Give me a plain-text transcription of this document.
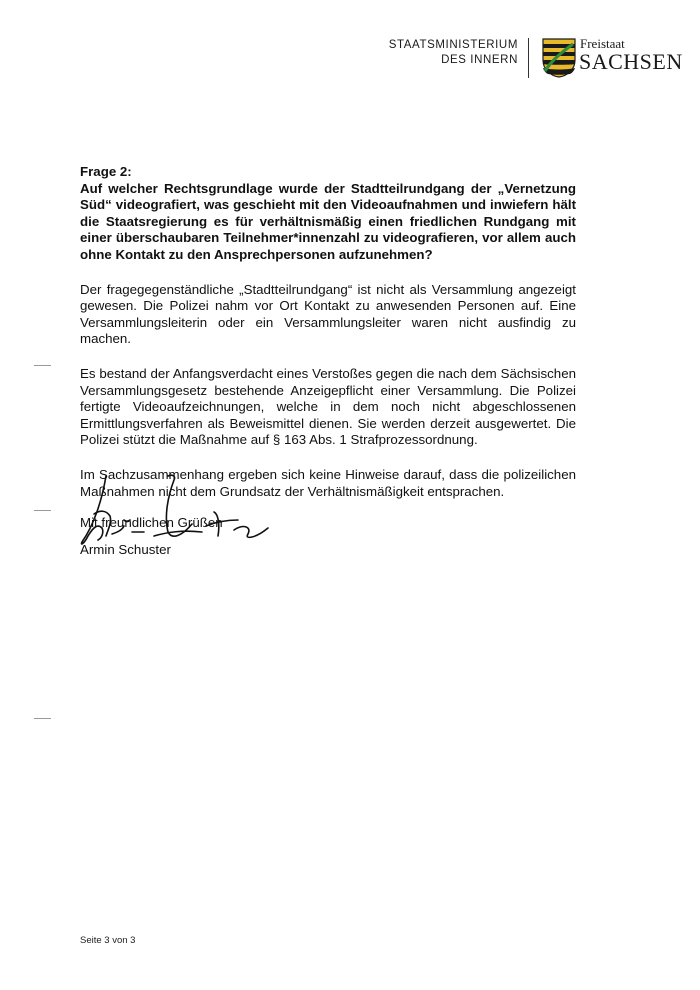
STAATSMINISTERIUM
DES INNERN
Freistaat
SACHSEN

Frage 2:

Auf welcher Rechtsgrundlage wurde der Stadtteilrundgang der „Vernetzung Süd“ videografiert, was geschieht mit den Videoaufnahmen und inwiefern hält die Staatsregierung es für verhältnismäßig einen friedlichen Rundgang mit einer überschaubaren Teilnehmer*innenzahl zu videografieren, vor allem auch ohne Kontakt zu den Ansprechpersonen aufzunehmen?

Der fragegegenständliche „Stadtteilrundgang“ ist nicht als Versammlung angezeigt gewesen. Die Polizei nahm vor Ort Kontakt zu anwesenden Personen auf. Eine Versammlungsleiterin oder ein Versammlungsleiter waren nicht ausfindig zu machen.

Es bestand der Anfangsverdacht eines Verstoßes gegen die nach dem Sächsischen Versammlungsgesetz bestehende Anzeigepflicht einer Versammlung. Die Polizei fertigte Videoaufzeichnungen, welche in dem noch nicht abgeschlossenen Ermittlungsverfahren als Beweismittel dienen. Sie werden derzeit ausgewertet. Die Polizei stützt die Maßnahme auf § 163 Abs. 1 Strafprozessordnung.

Im Sachzusammenhang ergeben sich keine Hinweise darauf, dass die polizeilichen Maßnahmen nicht dem Grundsatz der Verhältnismäßigkeit entsprachen.

Mit freundlichen Grüßen

Armin Schuster
Seite 3 von 3
